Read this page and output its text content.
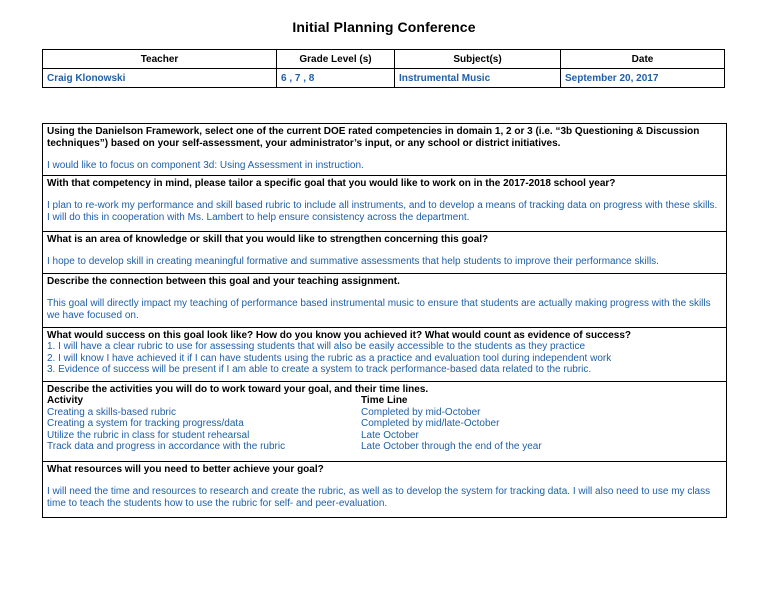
Initial Planning Conference
Teacher	Grade Level (s)	Subject(s)	Date
Craig Klonowski	6 , 7 , 8	Instrumental Music	September 20, 2017
Using the Danielson Framework, select one of the current DOE rated competencies in domain 1, 2 or 3 (i.e. “3b Questioning & Discussion techniques”) based on your self-assessment, your administrator’s input, or any school or district initiatives.
I would like to focus on component 3d: Using Assessment in instruction.

With that competency in mind, please tailor a specific goal that you would like to work on in the 2017-2018 school year?
I plan to re-work my performance and skill based rubric to include all instruments, and to develop a means of tracking data on progress with these skills. I will do this in cooperation with Ms. Lambert to help ensure consistency across the department.

What is an area of knowledge or skill that you would like to strengthen concerning this goal?
I hope to develop skill in creating meaningful formative and summative assessments that help students to improve their performance skills.

Describe the connection between this goal and your teaching assignment.
This goal will directly impact my teaching of performance based instrumental music to ensure that students are actually making progress with the skills we have focused on.

What would success on this goal look like? How do you know you achieved it? What would count as evidence of success?
1. I will have a clear rubric to use for assessing students that will also be easily accessible to the students as they practice
2. I will know I have achieved it if I can have students using the rubric as a practice and evaluation tool during independent work
3. Evidence of success will be present if I am able to create a system to track performance-based data related to the rubric.

Describe the activities you will do to work toward your goal, and their time lines.
Activity	Time Line
Creating a skills-based rubric	Completed by mid-October
Creating a system for tracking progress/data	Completed by mid/late-October
Utilize the rubric in class for student rehearsal	Late October
Track data and progress in accordance with the rubric	Late October through the end of the year

What resources will you need to better achieve your goal?
I will need the time and resources to research and create the rubric, as well as to develop the system for tracking data. I will also need to use my class time to teach the students how to use the rubric for self- and peer-evaluation.
